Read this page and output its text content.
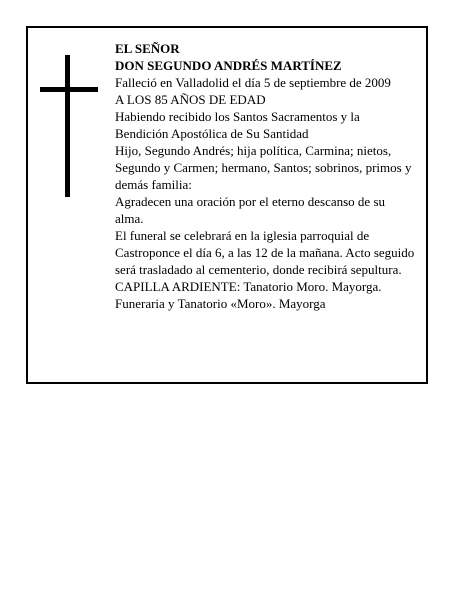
EL SEÑOR

DON SEGUNDO ANDRÉS MARTÍNEZ

Falleció en Valladolid el día 5 de septiembre de 2009

A LOS 85 AÑOS DE EDAD

Habiendo recibido los Santos Sacramentos y la Bendición Apostólica de Su Santidad

Hijo, Segundo Andrés; hija política, Carmina; nietos, Segundo y Carmen; hermano, Santos; sobrinos, primos y demás familia:

Agradecen una oración por el eterno descanso de su alma.

El funeral se celebrará en la iglesia parroquial de Castroponce el día 6, a las 12 de la mañana. Acto seguido será trasladado al cementerio, donde recibirá sepultura.

CAPILLA ARDIENTE: Tanatorio Moro. Mayorga.

Funeraria y Tanatorio «Moro». Mayorga
